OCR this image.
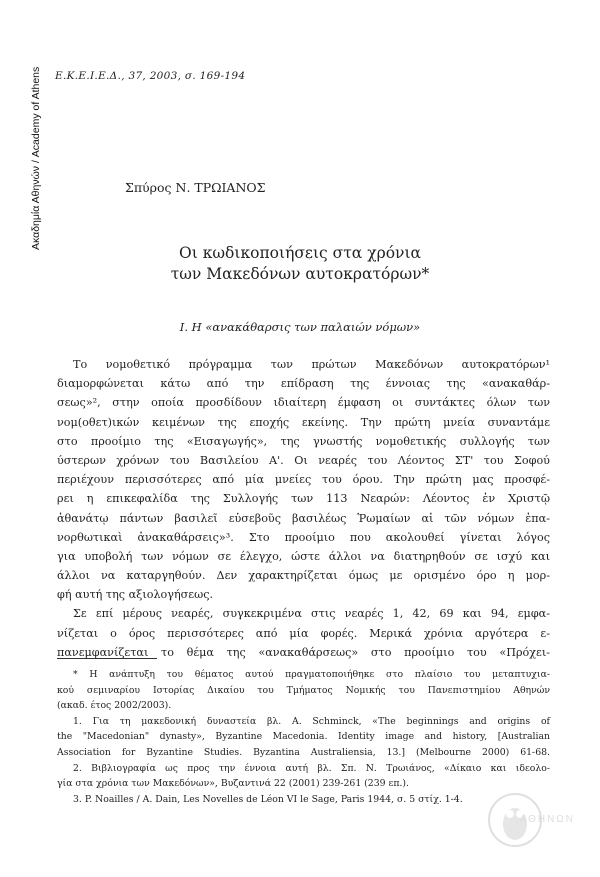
Ακαδημία Αθηνών / Academy of Athens Ε.Κ.Ε.Ι.Ε.Δ., 37, 2003, σ. 169-194
Σπύρος Ν. ΤΡΩΙΑΝΟΣ
Οι κωδικοποιήσεις στα χρόνια
των Μακεδόνων αυτοκρατόρων*
Ι. Η «ανακάθαρσις των παλαιών νόμων»
Το νομοθετικό πρόγραμμα των πρώτων Μακεδόνων αυτοκρατόρων¹
διαμορφώνεται κάτω από την επίδραση της έννοιας της «ανακαθάρ-
σεως»², στην οποία προσδίδουν ιδιαίτερη έμφαση οι συντάκτες όλων των
νομ(οθετ)ικών κειμένων της εποχής εκείνης. Την πρώτη μνεία συναντάμε
στο προοίμιο της «Εισαγωγής», της γνωστής νομοθετικής συλλογής των
ύστερων χρόνων του Βασιλείου Α'. Οι νεαρές του Λέοντος ΣΤ' του Σοφού
περιέχουν περισσότερες από μία μνείες του όρου. Την πρώτη μας προσφέ-
ρει η επικεφαλίδα της Συλλογής των 113 Νεαρών: Λέοντος ἐν Χριστῷ
ἀθανάτῳ πάντων βασιλεῖ εὐσεβοῦς βασιλέως Ῥωμαίων αἱ τῶν νόμων ἐπα-
νορθωτικαὶ ἀνακαθάρσεις»³. Στο προοίμιο που ακολουθεί γίνεται λόγος
για υποβολή των νόμων σε έλεγχο, ώστε άλλοι να διατηρηθούν σε ισχύ και
άλλοι να καταργηθούν. Δεν χαρακτηρίζεται όμως με ορισμένο όρο η μορ-
φή αυτή της αξιολογήσεως.
Σε επί μέρους νεαρές, συγκεκριμένα στις νεαρές 1, 42, 69 και 94, εμφα-
νίζεται ο όρος περισσότερες από μία φορές. Μερικά χρόνια αργότερα ε-
πανεμφανίζεται το θέμα της «ανακαθάρσεως» στο προοίμιο του «Πρόχει-
* Η ανάπτυξη του θέματος αυτού πραγματοποιήθηκε στο πλαίσιο του μεταπτυχια-
κού σεμιναρίου Ιστορίας Δικαίου του Τμήματος Νομικής του Πανεπιστημίου Αθηνών
(ακαδ. έτος 2002/2003).
1. Για τη μακεδονική δυναστεία βλ. A. Schminck, «The beginnings and origins of
the "Macedonian" dynasty», Byzantine Macedonia. Identity image and history, [Australian
Association for Byzantine Studies. Byzantina Australiensia, 13.] (Melbourne 2000) 61-68.
2. Βιβλιογραφία ως προς την έννοια αυτή βλ. Σπ. Ν. Τρωιάνος, «Δίκαιο και ιδεολο-
γία στα χρόνια των Μακεδόνων», Βυζαντινά 22 (2001) 239-261 (239 επ.).
3. P. Noailles / A. Dain, Les Novelles de Léon VI le Sage, Paris 1944, σ. 5 στίχ. 1-4.
ΑΘΗΝΩΝ
